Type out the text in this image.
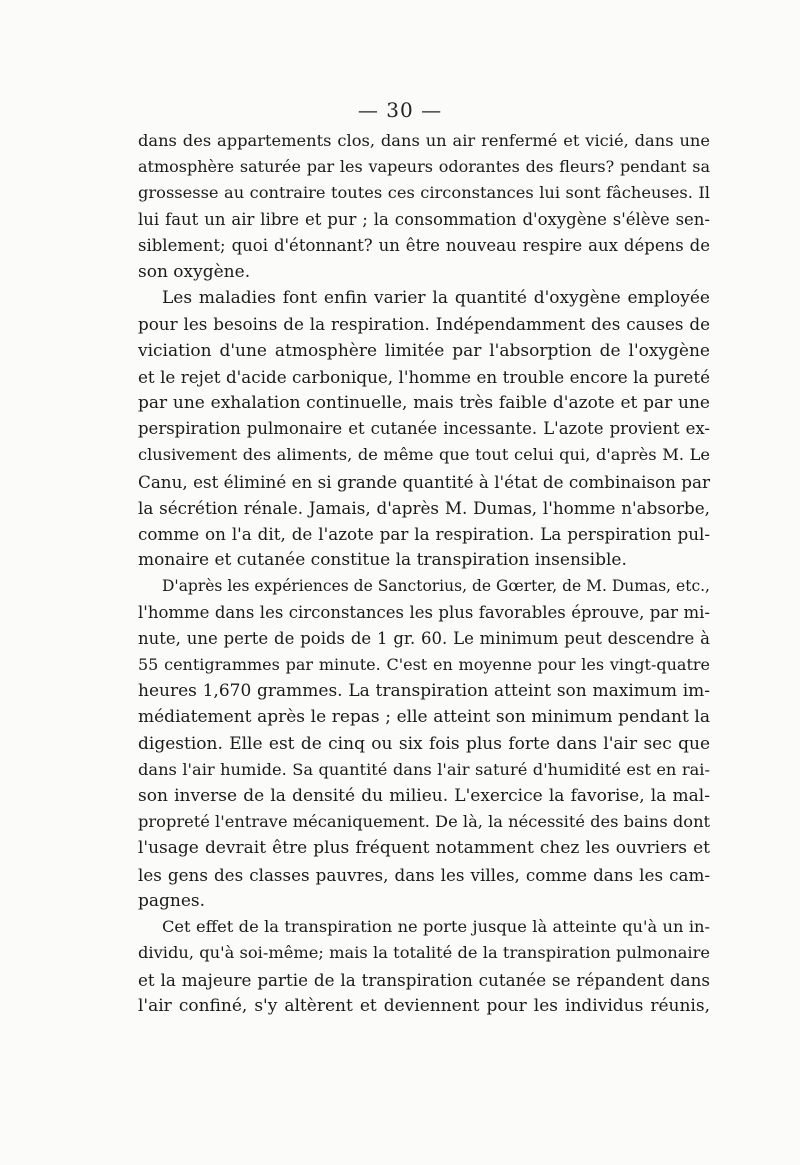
— 30 —
dans des appartements clos, dans un air renfermé et vicié, dans une
atmosphère saturée par les vapeurs odorantes des fleurs? pendant sa
grossesse au contraire toutes ces circonstances lui sont fâcheuses. Il
lui faut un air libre et pur ; la consommation d'oxygène s'élève sen-
siblement; quoi d'étonnant? un être nouveau respire aux dépens de
son oxygène.
Les maladies font enfin varier la quantité d'oxygène employée
pour les besoins de la respiration. Indépendamment des causes de
viciation d'une atmosphère limitée par l'absorption de l'oxygène
et le rejet d'acide carbonique, l'homme en trouble encore la pureté
par une exhalation continuelle, mais très faible d'azote et par une
perspiration pulmonaire et cutanée incessante. L'azote provient ex-
clusivement des aliments, de même que tout celui qui, d'après M. Le
Canu, est éliminé en si grande quantité à l'état de combinaison par
la sécrétion rénale. Jamais, d'après M. Dumas, l'homme n'absorbe,
comme on l'a dit, de l'azote par la respiration. La perspiration pul-
monaire et cutanée constitue la transpiration insensible.
D'après les expériences de Sanctorius, de Gœrter, de M. Dumas, etc.,
l'homme dans les circonstances les plus favorables éprouve, par mi-
nute, une perte de poids de 1 gr. 60. Le minimum peut descendre à
55 centigrammes par minute. C'est en moyenne pour les vingt-quatre
heures 1,670 grammes. La transpiration atteint son maximum im-
médiatement après le repas ; elle atteint son minimum pendant la
digestion. Elle est de cinq ou six fois plus forte dans l'air sec que
dans l'air humide. Sa quantité dans l'air saturé d'humidité est en rai-
son inverse de la densité du milieu. L'exercice la favorise, la mal-
propreté l'entrave mécaniquement. De là, la nécessité des bains dont
l'usage devrait être plus fréquent notamment chez les ouvriers et
les gens des classes pauvres, dans les villes, comme dans les cam-
pagnes.
Cet effet de la transpiration ne porte jusque là atteinte qu'à un in-
dividu, qu'à soi-même; mais la totalité de la transpiration pulmonaire
et la majeure partie de la transpiration cutanée se répandent dans
l'air confiné, s'y altèrent et deviennent pour les individus réunis,
